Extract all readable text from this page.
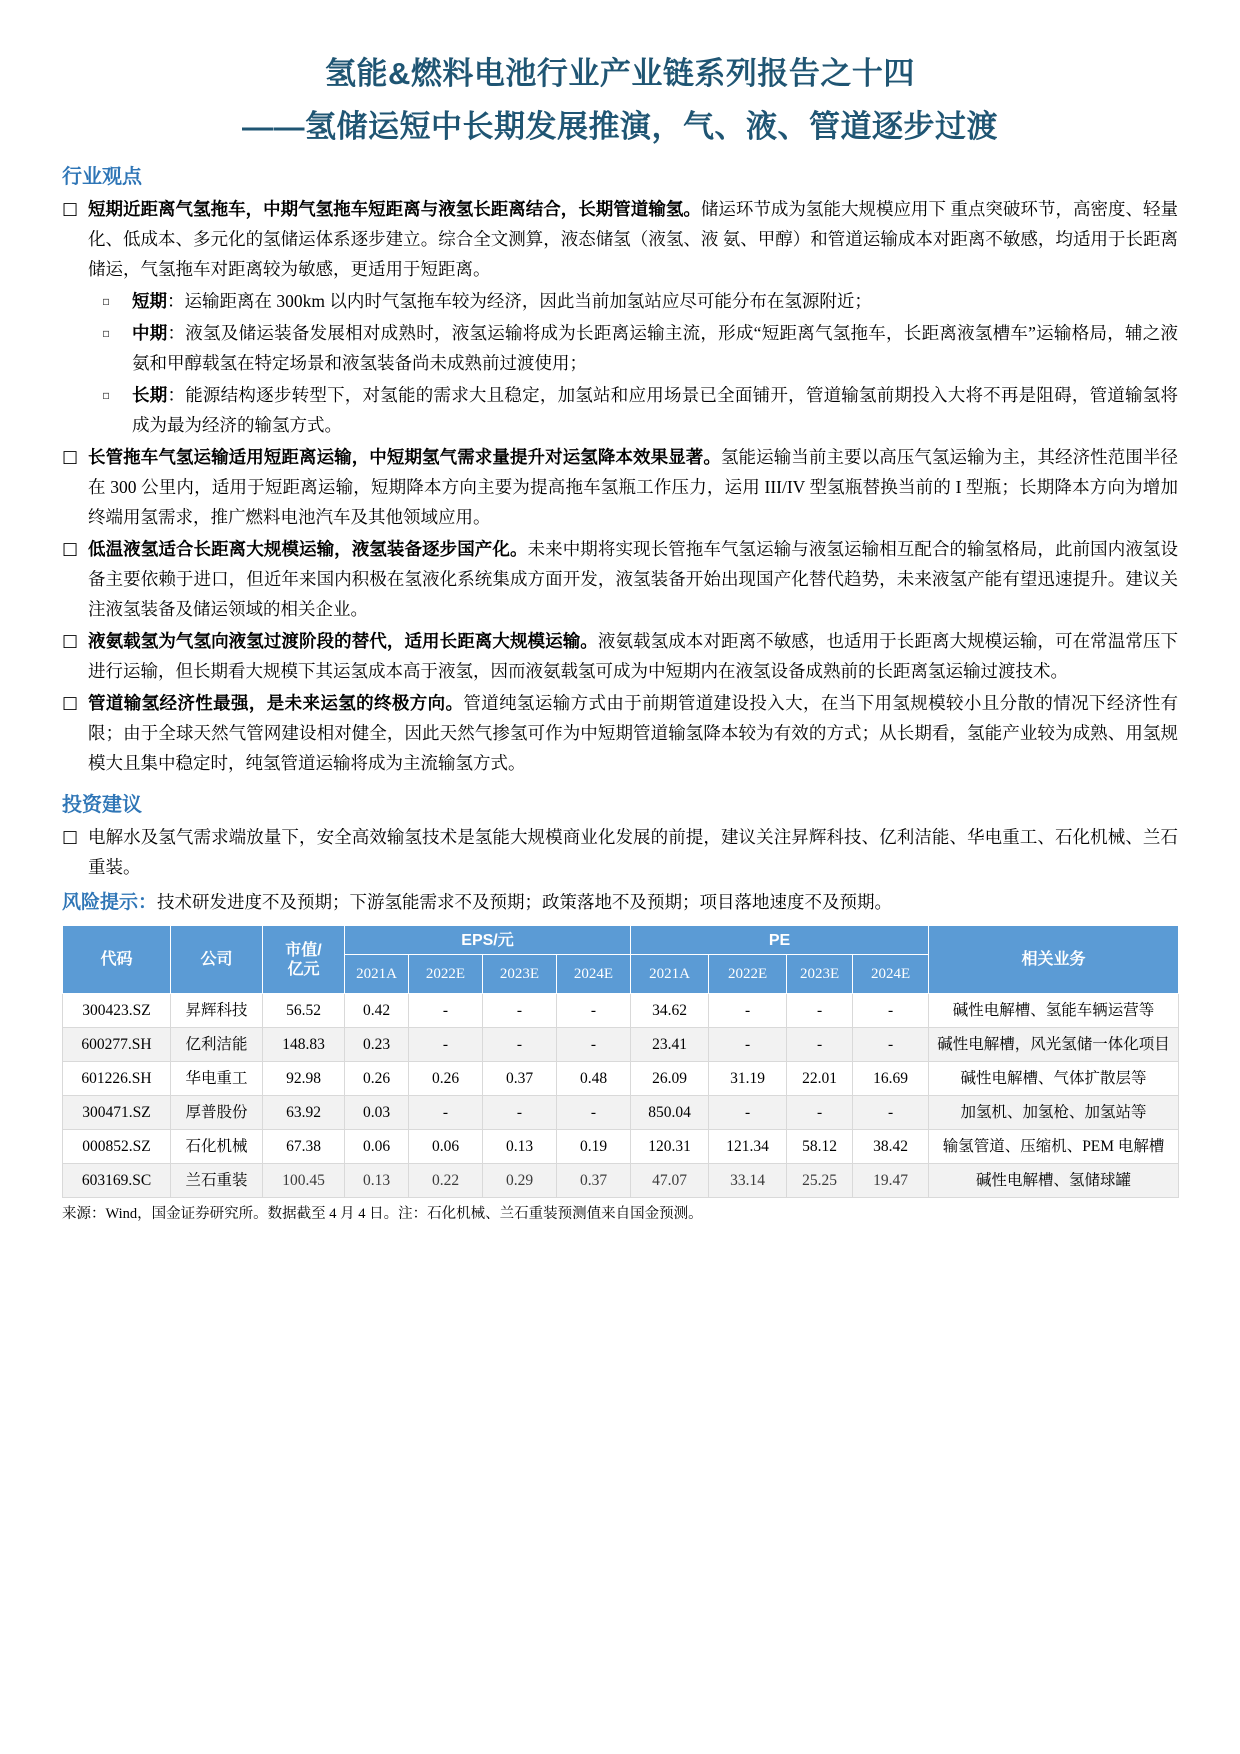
氢能&燃料电池行业产业链系列报告之十四
――氢储运短中长期发展推演，气、液、管道逐步过渡
行业观点
□ 短期近距离气氢拖车，中期气氢拖车短距离与液氢长距离结合，长期管道输氢。储运环节成为氢能大规模应用下 重点突破环节，高密度、轻量化、低成本、多元化的氢储运体系逐步建立。综合全文测算，液态储氢（液氢、液 氨、甲醇）和管道运输成本对距离不敏感，均适用于长距离储运，气氢拖车对距离较为敏感，更适用于短距离。
▫	短期：运输距离在 300km 以内时气氢拖车较为经济，因此当前加氢站应尽可能分布在氢源附近；
▫	中期：液氢及储运装备发展相对成熟时，液氢运输将成为长距离运输主流，形成“短距离气氢拖车，长距离液氢槽车”运输格局，辅之液氨和甲醇载氢在特定场景和液氢装备尚未成熟前过渡使用；
▫	长期：能源结构逐步转型下，对氢能的需求大且稳定，加氢站和应用场景已全面铺开，管道输氢前期投入大将不再是阻碍，管道输氢将成为最为经济的输氢方式。
□ 长管拖车气氢运输适用短距离运输，中短期氢气需求量提升对运氢降本效果显著。氢能运输当前主要以高压气氢运输为主，其经济性范围半径在 300 公里内，适用于短距离运输，短期降本方向主要为提高拖车氢瓶工作压力，运用 III/IV 型氢瓶替换当前的 I 型瓶；长期降本方向为增加终端用氢需求，推广燃料电池汽车及其他领域应用。
□ 低温液氢适合长距离大规模运输，液氢装备逐步国产化。未来中期将实现长管拖车气氢运输与液氢运输相互配合的输氢格局，此前国内液氢设备主要依赖于进口，但近年来国内积极在氢液化系统集成方面开发，液氢装备开始出现国产化替代趋势，未来液氢产能有望迅速提升。建议关注液氢装备及储运领域的相关企业。
□ 液氨载氢为气氢向液氢过渡阶段的替代，适用长距离大规模运输。液氨载氢成本对距离不敏感，也适用于长距离大规模运输，可在常温常压下进行运输，但长期看大规模下其运氢成本高于液氢，因而液氨载氢可成为中短期内在液氢设备成熟前的长距离氢运输过渡技术。
□ 管道输氢经济性最强，是未来运氢的终极方向。管道纯氢运输方式由于前期管道建设投入大，在当下用氢规模较小且分散的情况下经济性有限；由于全球天然气管网建设相对健全，因此天然气掺氢可作为中短期管道输氢降本较为有效的方式；从长期看，氢能产业较为成熟、用氢规模大且集中稳定时，纯氢管道运输将成为主流输氢方式。
投资建议
□ 电解水及氢气需求端放量下，安全高效输氢技术是氢能大规模商业化发展的前提，建议关注昇辉科技、亿利洁能、华电重工、石化机械、兰石重装。
风险提示：技术研发进度不及预期；下游氢能需求不及预期；政策落地不及预期；项目落地速度不及预期。
代码	公司	市值/
亿元	EPS/元				PE				相关业务
			2021A	2022E	2023E	2024E	2021A	2022E	2023E	2024E	
300423.SZ	昇辉科技	56.52	0.42	-	-	-	34.62	-	-	-	碱性电解槽、氢能车辆运营等
600277.SH	亿利洁能	148.83	0.23	-	-	-	23.41	-	-	-	碱性电解槽，风光氢储一体化项目
601226.SH	华电重工	92.98	0.26	0.26	0.37	0.48	26.09	31.19	22.01	16.69	碱性电解槽、气体扩散层等
300471.SZ	厚普股份	63.92	0.03	-	-	-	850.04	-	-	-	加氢机、加氢枪、加氢站等
000852.SZ	石化机械	67.38	0.06	0.06	0.13	0.19	120.31	121.34	58.12	38.42	输氢管道、压缩机、PEM 电解槽
603169.SC	兰石重装	100.45	0.13	0.22	0.29	0.37	47.07	33.14	25.25	19.47	碱性电解槽、氢储球罐
来源：Wind，国金证券研究所。数据截至 4 月 4 日。注：石化机械、兰石重装预测值来自国金预测。
